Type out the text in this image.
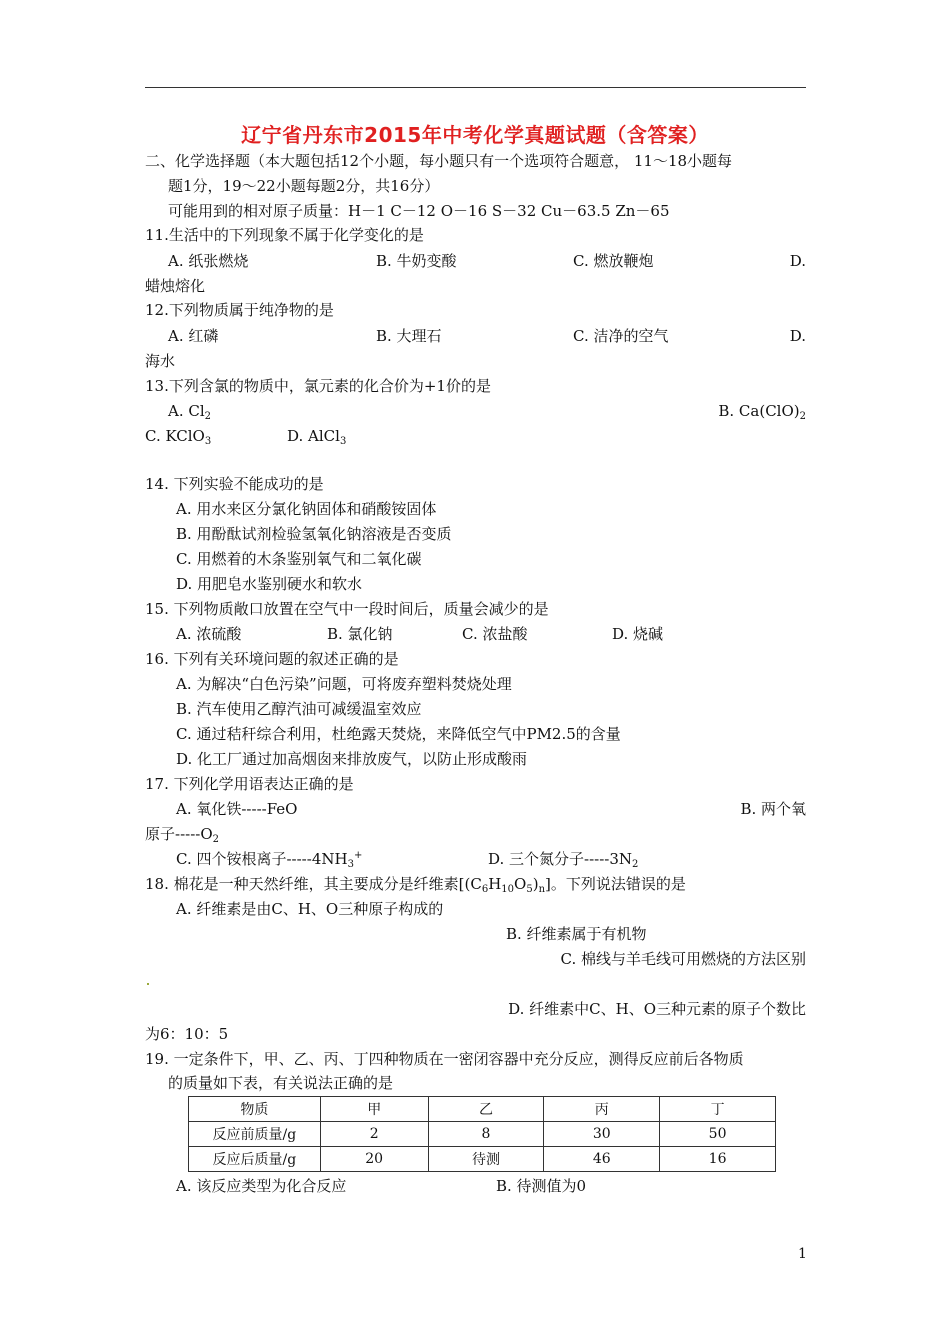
辽宁省丹东市2015年中考化学真题试题（含答案）
二、化学选择题（本大题包括12个小题，每小题只有一个选项符合题意， 11～18小题每
题1分，19～22小题每题2分，共16分）
可能用到的相对原子质量：H－1 C－12 O－16 S－32 Cu－63.5 Zn－65
11.生活中的下列现象不属于化学变化的是
A. 纸张燃烧	B. 牛奶变酸	C. 燃放鞭炮	D.
蜡烛熔化
12.下列物质属于纯净物的是
A. 红磷	B. 大理石	C. 洁净的空气	D.
海水
13.下列含氯的物质中，氯元素的化合价为+1价的是
A. $Cl_2$	B. $Ca(ClO)_2$
C. KClO$_3$	D. AlCl$_3$
14. 下列实验不能成功的是
A. 用水来区分氯化钠固体和硝酸铵固体
B. 用酚酞试剂检验氢氧化钠溶液是否变质
C. 用燃着的木条鉴别氧气和二氧化碳
D. 用肥皂水鉴别硬水和软水
15. 下列物质敞口放置在空气中一段时间后，质量会减少的是
A. 浓硫酸	B. 氯化钠	C. 浓盐酸	D. 烧碱
16. 下列有关环境问题的叙述正确的是
A. 为解决“白色污染”问题，可将废弃塑料焚烧处理
B. 汽车使用乙醇汽油可减缓温室效应
C. 通过秸秆综合利用，杜绝露天焚烧，来降低空气中PM2.5的含量
D. 化工厂通过加高烟囱来排放废气，以防止形成酸雨
17. 下列化学用语表达正确的是
A. 氧化铁-----FeO	B. 两个氧
原子$-----O_2$
C. 四个铵根离子$-----4NH_3^+$	D. 三个氮分子$-----3N_2$
18. 棉花是一种天然纤维，其主要成分是纤维素$[(C_6H_{10}O_5)_n]$。下列说法错误的是
A. 纤维素是由C、H、O三种原子构成的
B. 纤维素属于有机物
C. 棉线与羊毛线可用燃烧的方法区别
D. 纤维素中C、H、O三种元素的原子个数比
为6：10：5
19. 一定条件下，甲、乙、丙、丁四种物质在一密闭容器中充分反应，测得反应前后各物质
的质量如下表，有关说法正确的是
物质	甲	乙	丙	丁
反应前质量/g	2	8	30	50
反应后质量/g	20	待测	46	16
A. 该反应类型为化合反应	B. 待测值为0
1
